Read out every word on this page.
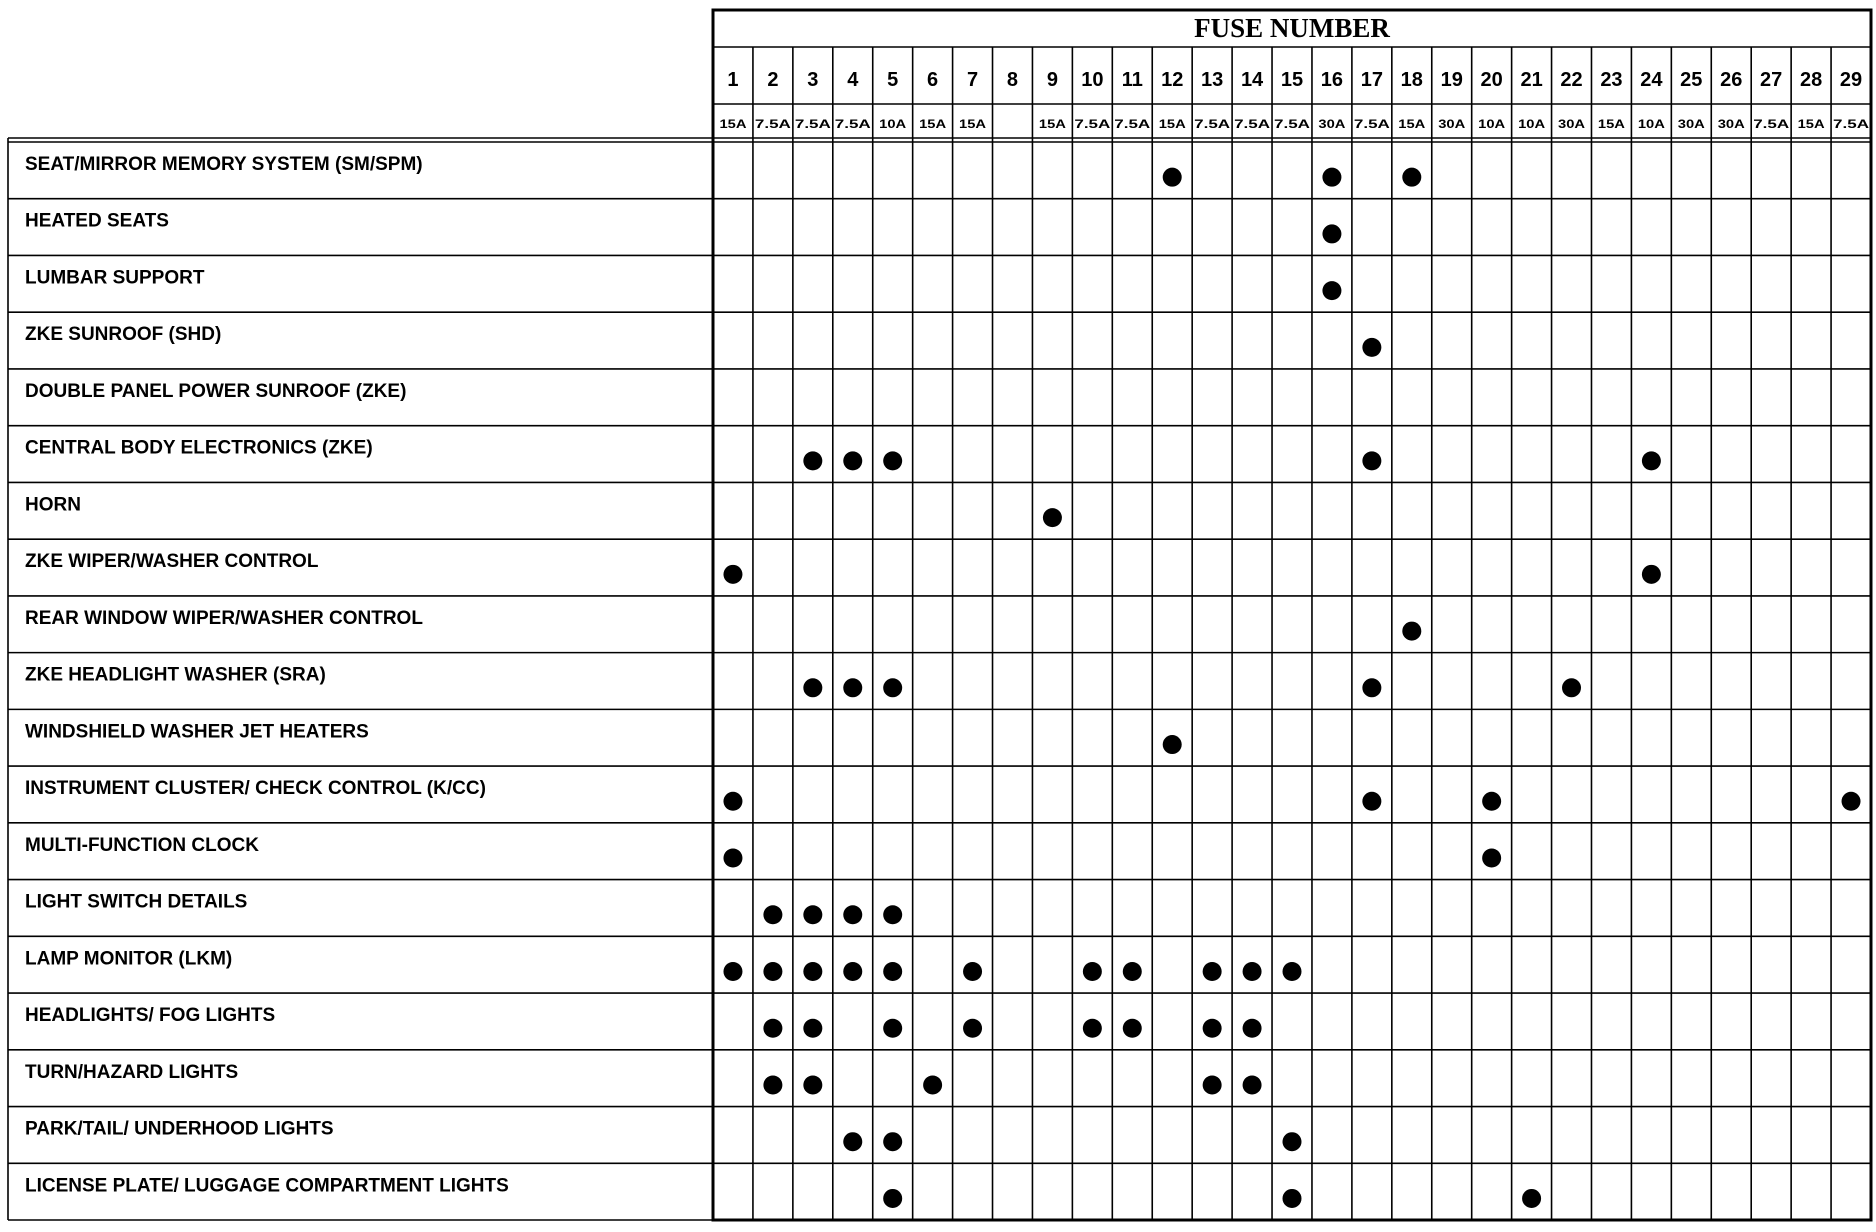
FUSE NUMBER
1
15A
2
7.5A
3
7.5A
4
7.5A
5
10A
6
15A
7
15A
8 9
15A
10
7.5A
11
7.5A
12
15A
13
7.5A
14
7.5A
15
7.5A
16
30A
17
7.5A
18
15A
19
30A
20
10A
21
10A
22
30A
23
15A
24
10A
25
30A
26
30A
27
7.5A
28
15A
29
7.5A
SEAT/MIRROR MEMORY SYSTEM (SM/SPM)
HEATED SEATS
LUMBAR SUPPORT
ZKE SUNROOF (SHD)
DOUBLE PANEL POWER SUNROOF (ZKE)
CENTRAL BODY ELECTRONICS (ZKE)
HORN
ZKE WIPER/WASHER CONTROL
REAR WINDOW WIPER/WASHER CONTROL
ZKE HEADLIGHT WASHER (SRA)
WINDSHIELD WASHER JET HEATERS
INSTRUMENT CLUSTER/ CHECK CONTROL (K/CC)
MULTI-FUNCTION CLOCK
LIGHT SWITCH DETAILS
LAMP MONITOR (LKM)
HEADLIGHTS/ FOG LIGHTS
TURN/HAZARD LIGHTS
PARK/TAIL/ UNDERHOOD LIGHTS
LICENSE PLATE/ LUGGAGE COMPARTMENT LIGHTS
